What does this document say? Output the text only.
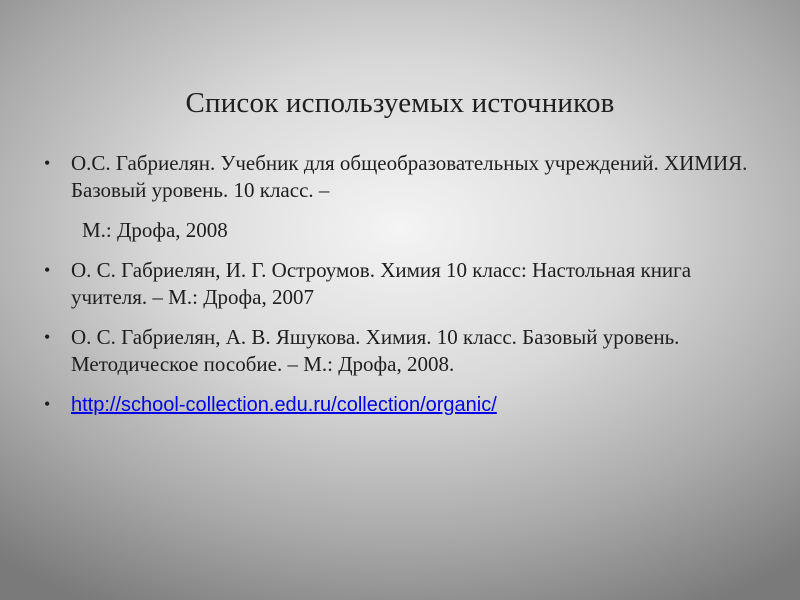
Список используемых источников
• О.С. Габриелян. Учебник для общеобразовательных учреждений. ХИМИЯ. Базовый уровень. 10 класс. –
М.: Дрофа, 2008
• О. С. Габриелян, И. Г. Остроумов. Химия 10 класс: Настольная книга учителя. – М.: Дрофа, 2007
• О. С. Габриелян, А. В. Яшукова. Химия. 10 класс. Базовый уровень. Методическое пособие. – М.: Дрофа, 2008.
• http://school-collection.edu.ru/collection/organic/
